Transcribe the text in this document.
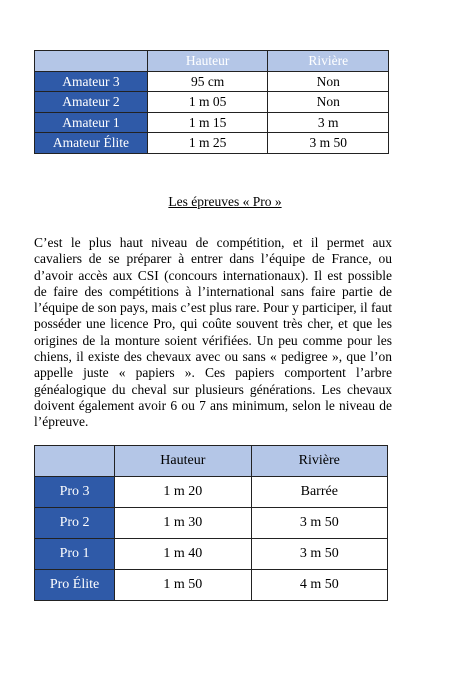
	Hauteur	Rivière
Amateur 3	95 cm	Non
Amateur 2	1 m 05	Non
Amateur 1	1 m 15	3 m
Amateur Élite	1 m 25	3 m 50
Les épreuves « Pro »
C’est le plus haut niveau de compétition, et il permet aux cavaliers de se préparer à entrer dans l’équipe de France, ou d’avoir accès aux CSI (concours internationaux). Il est possible de faire des compétitions à l’international sans faire partie de l’équipe de son pays, mais c’est plus rare. Pour y participer, il faut posséder une licence Pro, qui coûte souvent très cher, et que les origines de la monture soient vérifiées. Un peu comme pour les chiens, il existe des chevaux avec ou sans « pedigree », que l’on appelle juste « papiers ». Ces papiers comportent l’arbre généalogique du cheval sur plusieurs générations. Les chevaux doivent également avoir 6 ou 7 ans minimum, selon le niveau de l’épreuve.
	Hauteur	Rivière
Pro 3	1 m 20	Barrée
Pro 2	1 m 30	3 m 50
Pro 1	1 m 40	3 m 50
Pro Élite	1 m 50	4 m 50
